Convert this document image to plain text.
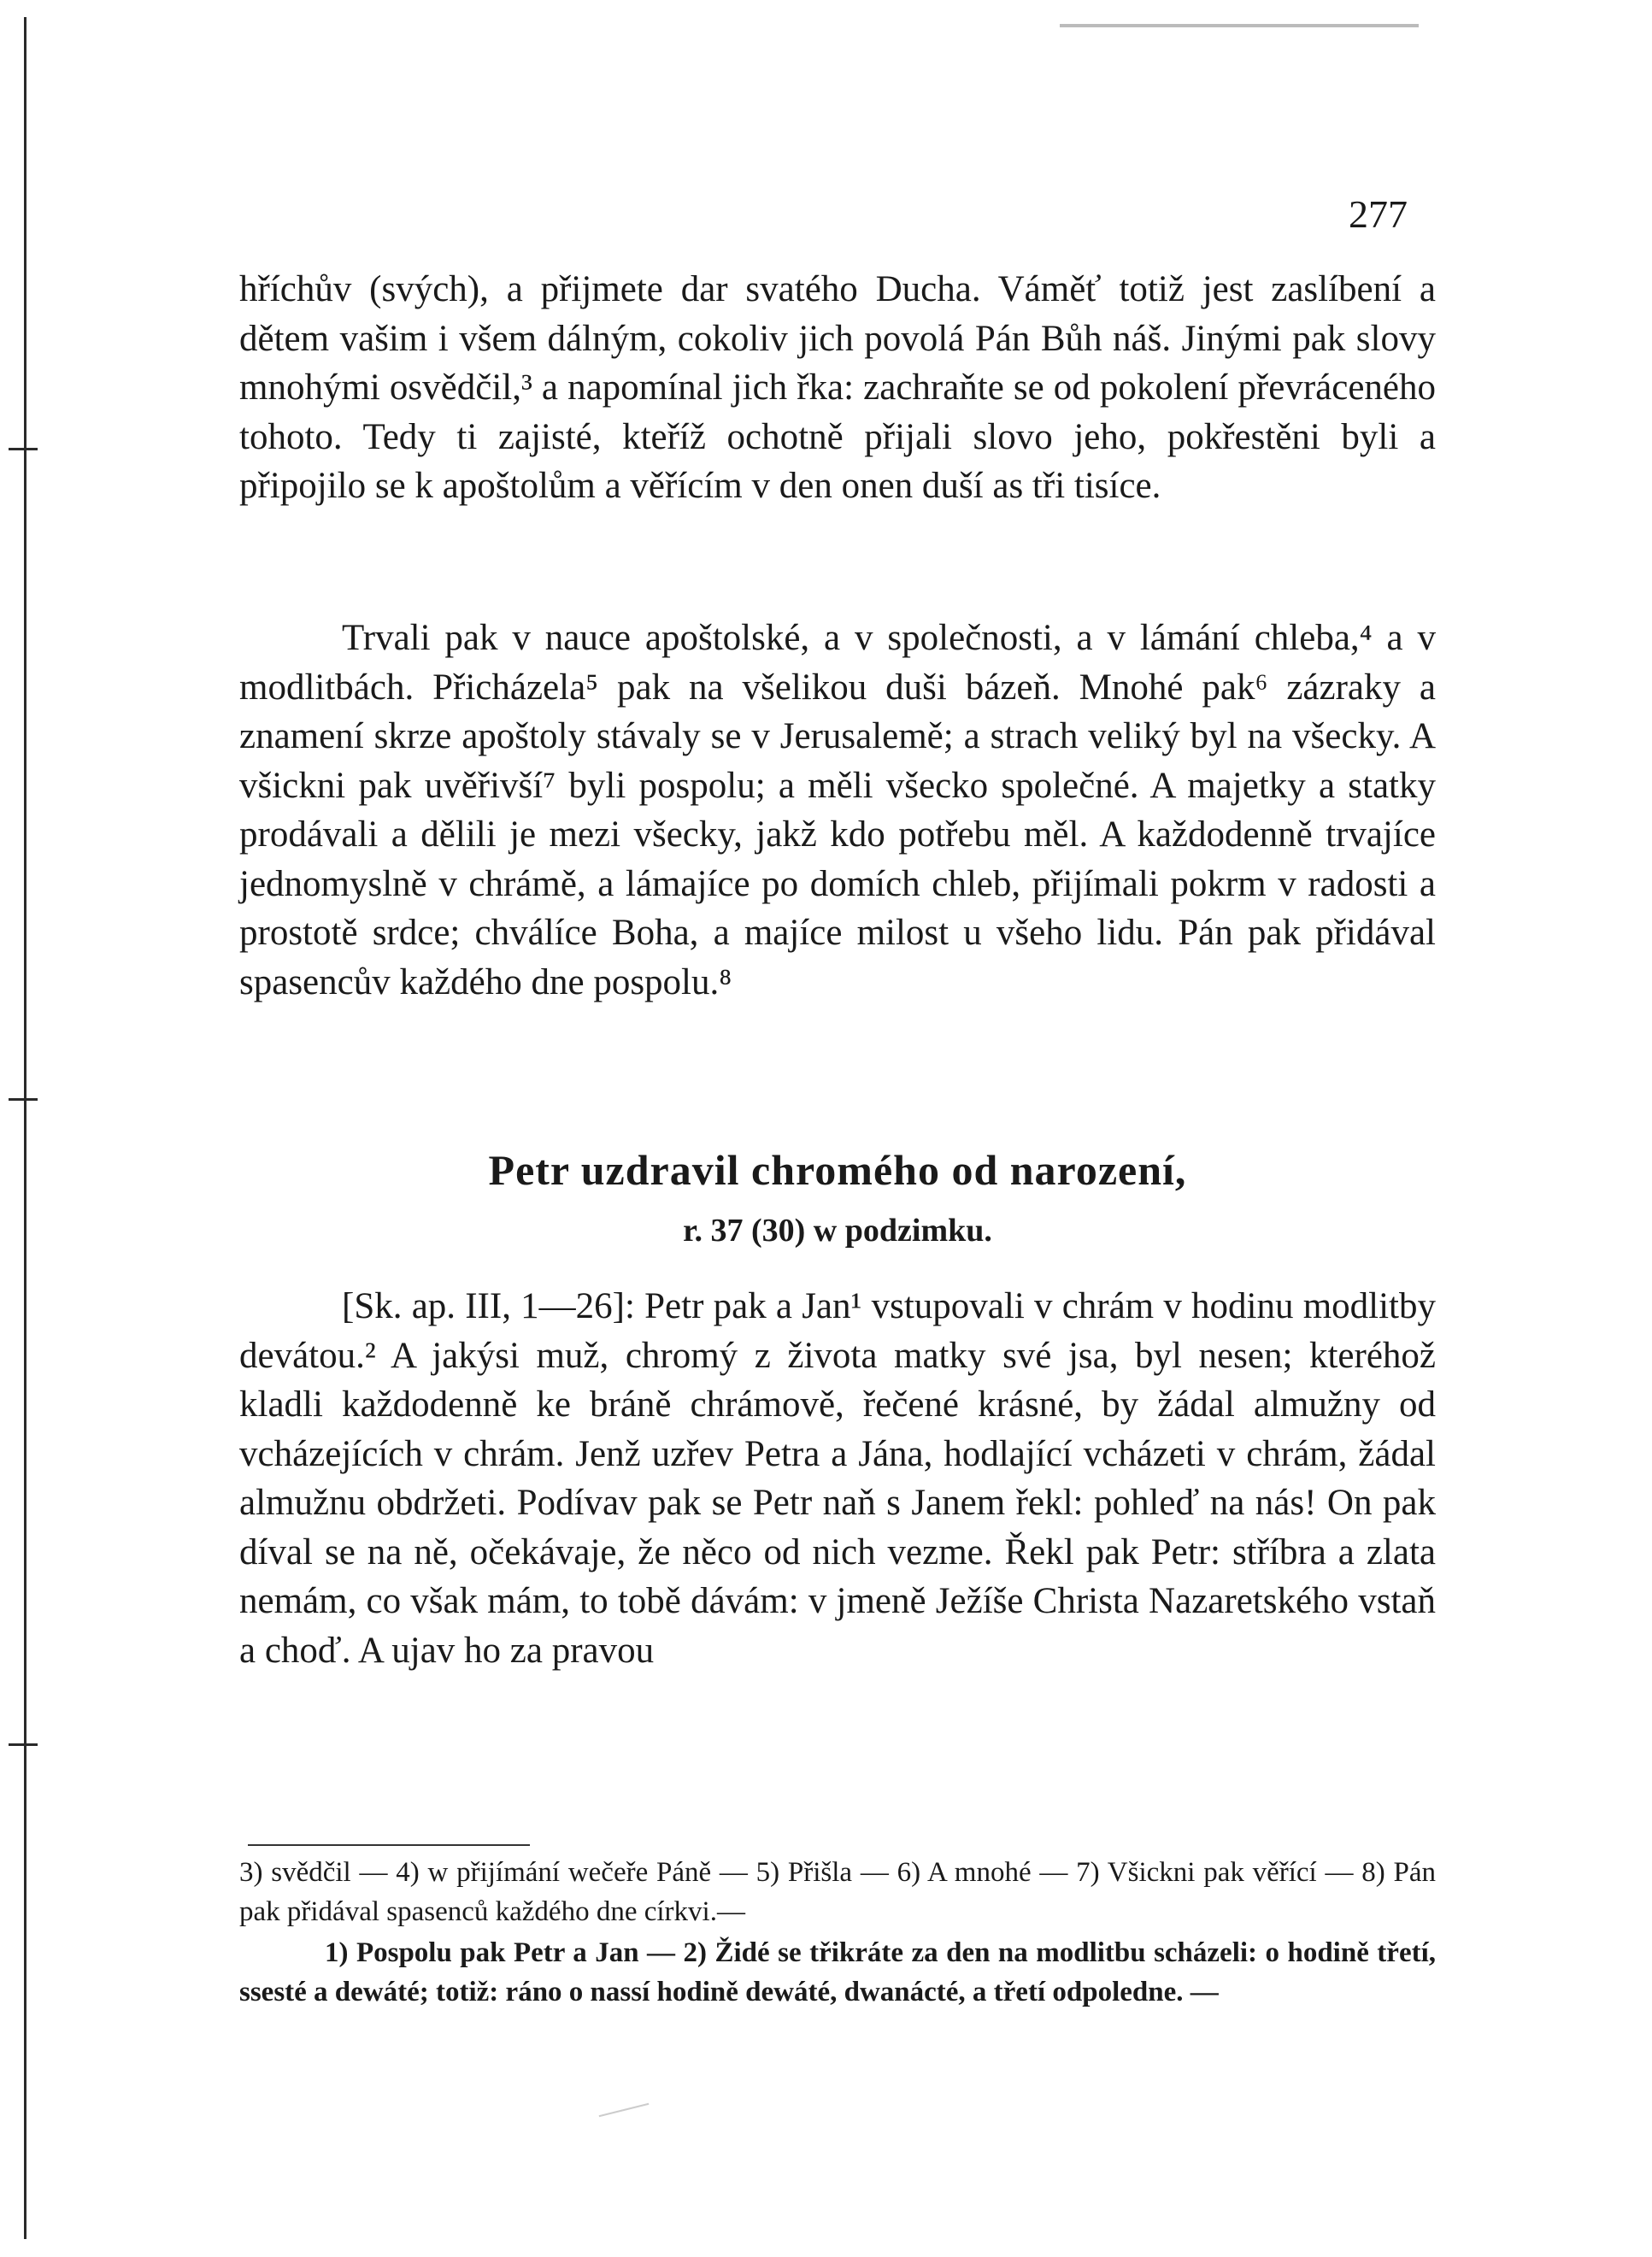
277

hříchův (svých), a přijmete dar svatého Ducha. Váměť totiž jest zaslíbení a dětem vašim i všem dálným, cokoliv jich povolá Pán Bůh náš. Jinými pak slovy mnohými osvědčil,³ a napomínal jich řka: zachraňte se od pokolení převráceného tohoto. Tedy ti zajisté, kteříž ochotně přijali slovo jeho, pokřestěni byli a připojilo se k apoštolům a věřícím v den onen duší as tři tisíce.

Trvali pak v nauce apoštolské, a v společnosti, a v lámání chleba,⁴ a v modlitbách. Přicházela⁵ pak na všelikou duši bázeň. Mnohé pak⁶ zázraky a znamení skrze apoštoly stávaly se v Jerusalemě; a strach veliký byl na všecky. A všickni pak uvěřivší⁷ byli pospolu; a měli všecko společné. A majetky a statky prodávali a dělili je mezi všecky, jakž kdo potřebu měl. A každodenně trvajíce jednomyslně v chrámě, a lámajíce po domích chleb, přijímali pokrm v radosti a prostotě srdce; chválíce Boha, a majíce milost u všeho lidu. Pán pak přidával spasencův každého dne pospolu.⁸

Petr uzdravil chromého od narození,
r. 37 (30) w podzimku.

[Sk. ap. III, 1—26]: Petr pak a Jan¹ vstupovali v chrám v hodinu modlitby devátou.² A jakýsi muž, chromý z života matky své jsa, byl nesen; kteréhož kladli každodenně ke bráně chrámově, řečené krásné, by žádal almužny od vcházejících v chrám. Jenž uzřev Petra a Jána, hodlající vcházeti v chrám, žádal almužnu obdržeti. Podívav pak se Petr naň s Janem řekl: pohleď na nás! On pak díval se na ně, očekávaje, že něco od nich vezme. Řekl pak Petr: stříbra a zlata nemám, co však mám, to tobě dávám: v jmeně Ježíše Christa Nazaretského vstaň a choď. A ujav ho za pravou

3) svědčil — 4) w přijímání wečeře Páně — 5) Přišla — 6) A mnohé — 7) Všickni pak věřící — 8) Pán pak přidával spasenců každého dne církvi.—

1) Pospolu pak Petr a Jan — 2) Židé se třikráte za den na modlitbu scházeli: o hodině třetí, ssesté a dewáté; totiž: ráno o nassí hodině dewáté, dwanácté, a třetí odpoledne. —
